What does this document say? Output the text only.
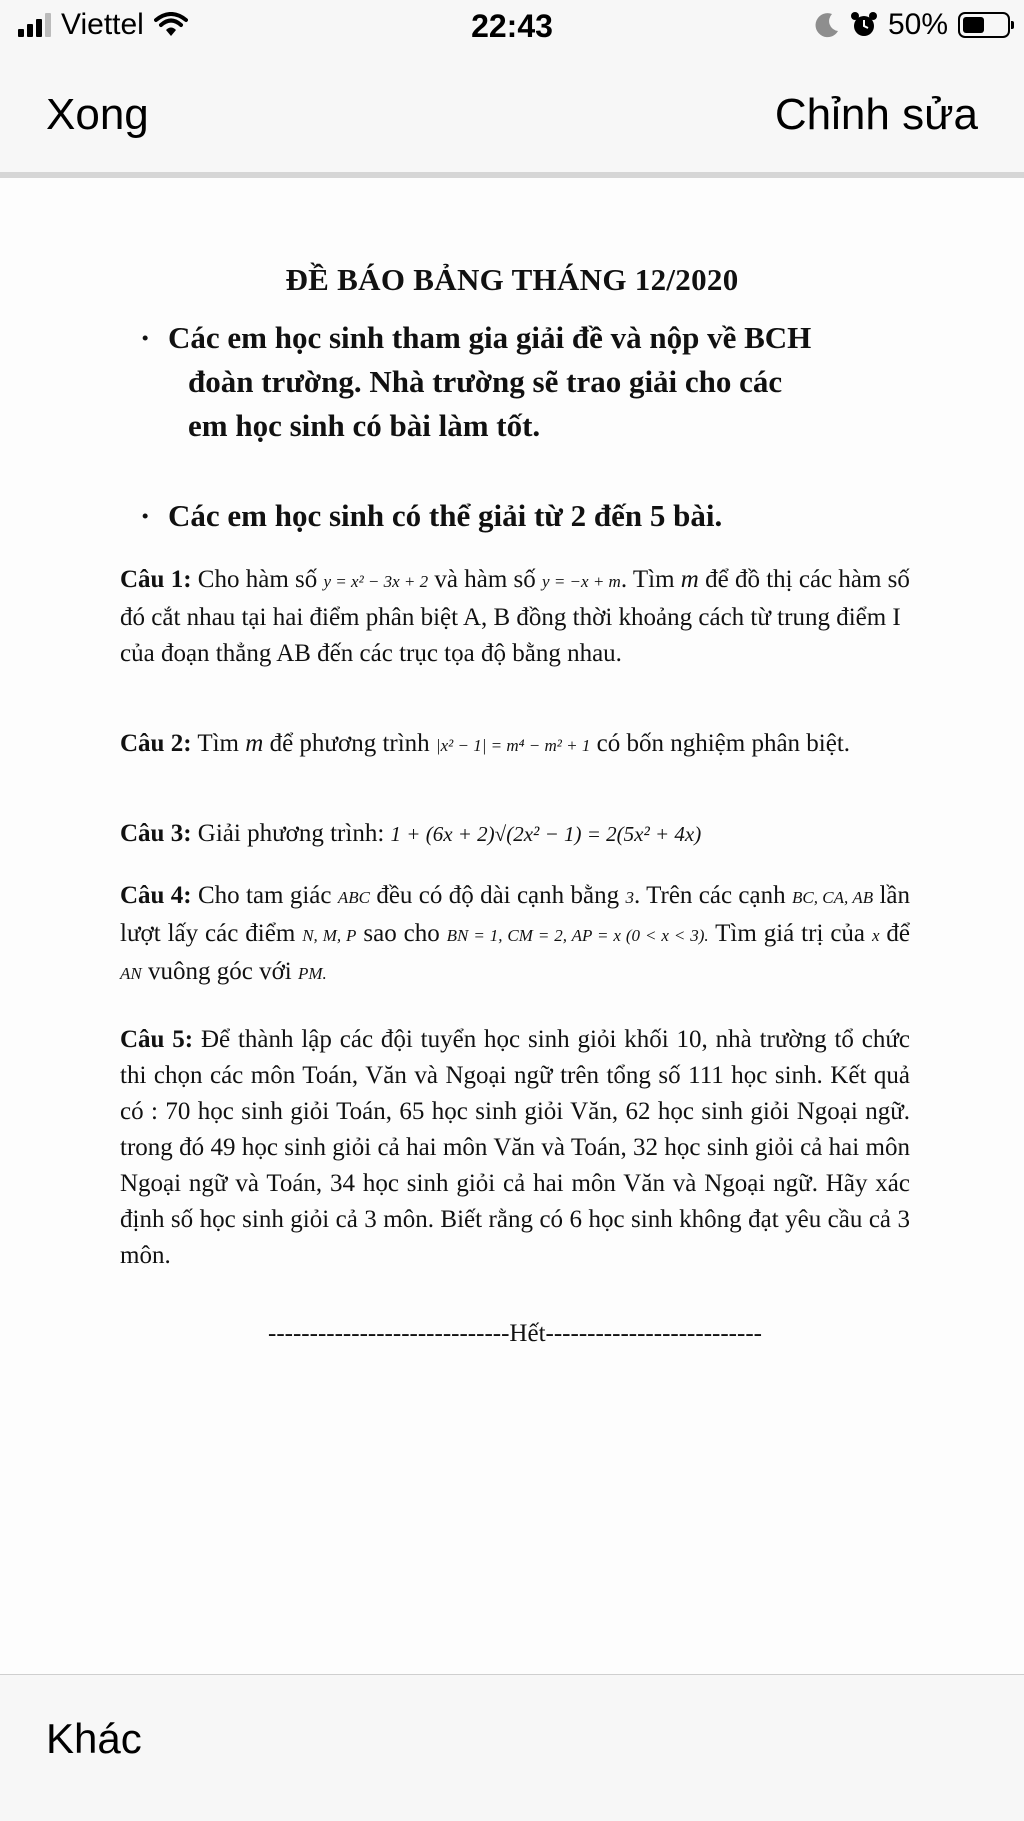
Viettel	22:43	50%
Xong	Chỉnh sửa
ĐỀ BÁO BẢNG THÁNG 12/2020
· Các em học sinh tham gia giải đề và nộp về BCH
đoàn trường. Nhà trường sẽ trao giải cho các
em học sinh có bài làm tốt.
· Các em học sinh có thể giải từ 2 đến 5 bài.
Câu 1: Cho hàm số y = x² − 3x + 2 và hàm số y = −x + m. Tìm m để đồ thị các hàm số đó cắt nhau tại hai điểm phân biệt A, B đồng thời khoảng cách từ trung điểm I của đoạn thẳng AB đến các trục tọa độ bằng nhau.
Câu 2: Tìm m để phương trình |x² − 1| = m⁴ − m² + 1 có bốn nghiệm phân biệt.
Câu 3: Giải phương trình: 1 + (6x + 2)√(2x² − 1) = 2(5x² + 4x)
Câu 4: Cho tam giác ABC đều có độ dài cạnh bằng 3. Trên các cạnh BC, CA, AB lần lượt lấy các điểm N, M, P sao cho BN = 1, CM = 2, AP = x (0 < x < 3). Tìm giá trị của x để AN vuông góc với PM.
Câu 5: Để thành lập các đội tuyển học sinh giỏi khối 10, nhà trường tổ chức thi chọn các môn Toán, Văn và Ngoại ngữ trên tổng số 111 học sinh. Kết quả có : 70 học sinh giỏi Toán, 65 học sinh giỏi Văn, 62 học sinh giỏi Ngoại ngữ. trong đó 49 học sinh giỏi cả hai môn Văn và Toán, 32 học sinh giỏi cả hai môn Ngoại ngữ và Toán, 34 học sinh giỏi cả hai môn Văn và Ngoại ngữ. Hãy xác định số học sinh giỏi cả 3 môn. Biết rằng có 6 học sinh không đạt yêu cầu cả 3 môn.
-----------------------------Hết--------------------------
Khác
